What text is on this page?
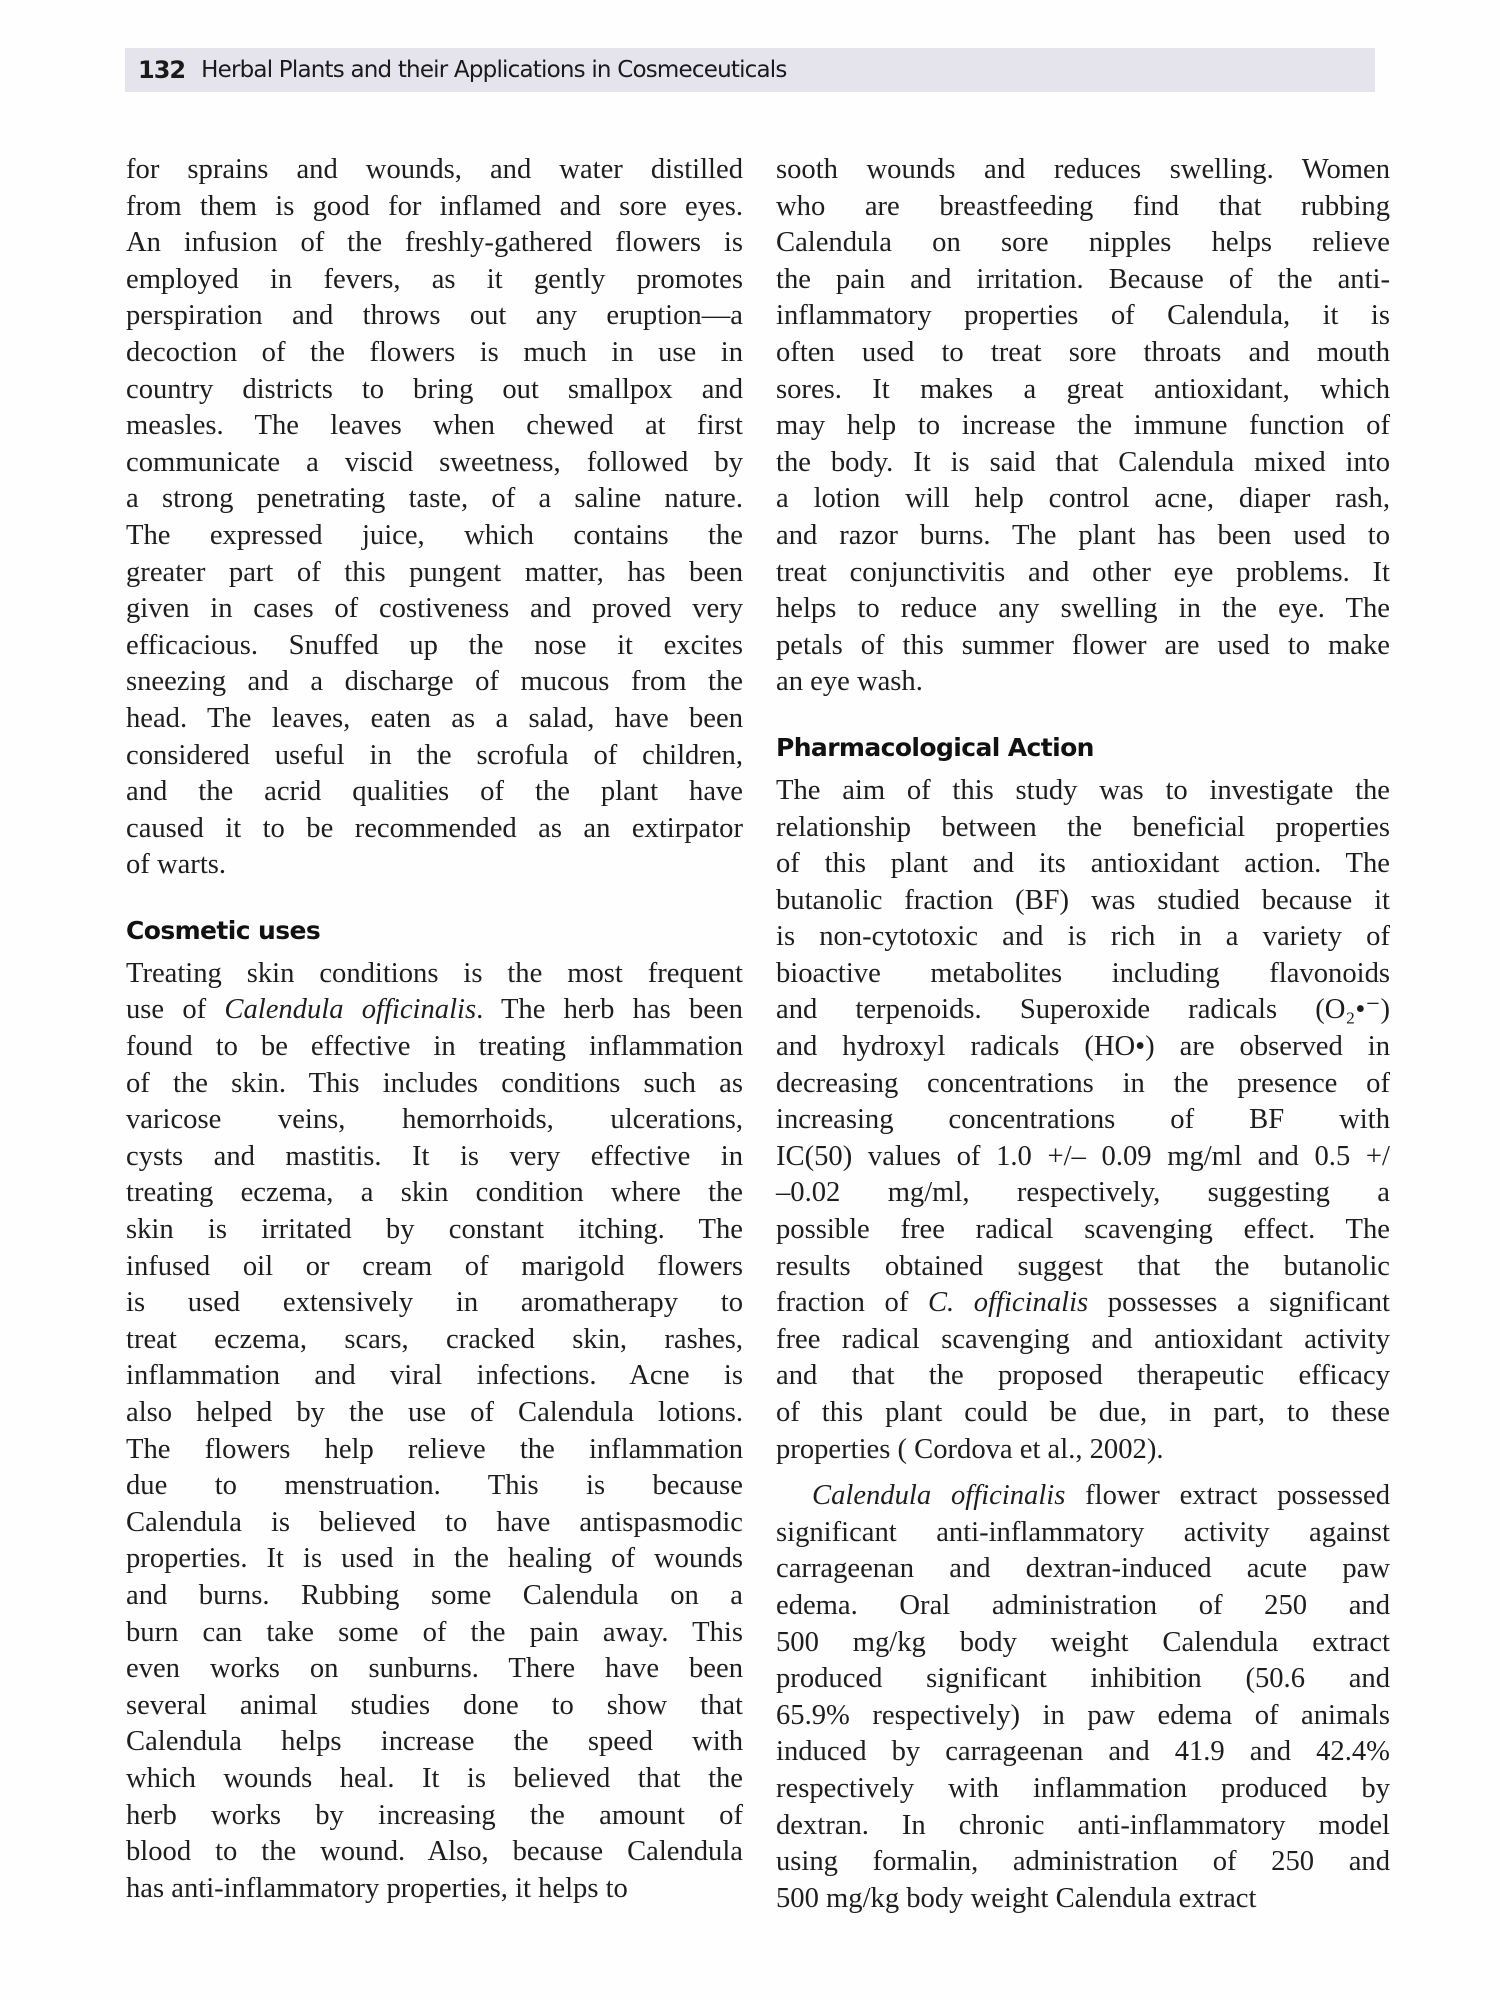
132 Herbal Plants and their Applications in Cosmeceuticals
for sprains and wounds, and water distilled
from them is good for inflamed and sore eyes.
An infusion of the freshly-gathered flowers is
employed in fevers, as it gently promotes
perspiration and throws out any eruption—a
decoction of the flowers is much in use in
country districts to bring out smallpox and
measles. The leaves when chewed at first
communicate a viscid sweetness, followed by
a strong penetrating taste, of a saline nature.
The expressed juice, which contains the
greater part of this pungent matter, has been
given in cases of costiveness and proved very
efficacious. Snuffed up the nose it excites
sneezing and a discharge of mucous from the
head. The leaves, eaten as a salad, have been
considered useful in the scrofula of children,
and the acrid qualities of the plant have
caused it to be recommended as an extirpator
of warts.
Cosmetic uses
Treating skin conditions is the most frequent
use of Calendula officinalis. The herb has been
found to be effective in treating inflammation
of the skin. This includes conditions such as
varicose veins, hemorrhoids, ulcerations,
cysts and mastitis. It is very effective in
treating eczema, a skin condition where the
skin is irritated by constant itching. The
infused oil or cream of marigold flowers
is used extensively in aromatherapy to
treat eczema, scars, cracked skin, rashes,
inflammation and viral infections. Acne is
also helped by the use of Calendula lotions.
The flowers help relieve the inflammation
due to menstruation. This is because
Calendula is believed to have antispasmodic
properties. It is used in the healing of wounds
and burns. Rubbing some Calendula on a
burn can take some of the pain away. This
even works on sunburns. There have been
several animal studies done to show that
Calendula helps increase the speed with
which wounds heal. It is believed that the
herb works by increasing the amount of
blood to the wound. Also, because Calendula
has anti-inflammatory properties, it helps to
sooth wounds and reduces swelling. Women
who are breastfeeding find that rubbing
Calendula on sore nipples helps relieve
the pain and irritation. Because of the anti-
inflammatory properties of Calendula, it is
often used to treat sore throats and mouth
sores. It makes a great antioxidant, which
may help to increase the immune function of
the body. It is said that Calendula mixed into
a lotion will help control acne, diaper rash,
and razor burns. The plant has been used to
treat conjunctivitis and other eye problems. It
helps to reduce any swelling in the eye. The
petals of this summer flower are used to make
an eye wash.
Pharmacological Action
The aim of this study was to investigate the
relationship between the beneficial properties
of this plant and its antioxidant action. The
butanolic fraction (BF) was studied because it
is non-cytotoxic and is rich in a variety of
bioactive metabolites including flavonoids
and terpenoids. Superoxide radicals (O₂•⁻)
and hydroxyl radicals (HO•) are observed in
decreasing concentrations in the presence of
increasing concentrations of BF with
IC(50) values of 1.0 +/– 0.09 mg/ml and 0.5 +/
–0.02 mg/ml, respectively, suggesting a
possible free radical scavenging effect. The
results obtained suggest that the butanolic
fraction of C. officinalis possesses a significant
free radical scavenging and antioxidant activity
and that the proposed therapeutic efficacy
of this plant could be due, in part, to these
properties ( Cordova et al., 2002).
Calendula officinalis flower extract possessed
significant anti-inflammatory activity against
carrageenan and dextran-induced acute paw
edema. Oral administration of 250 and
500 mg/kg body weight Calendula extract
produced significant inhibition (50.6 and
65.9% respectively) in paw edema of animals
induced by carrageenan and 41.9 and 42.4%
respectively with inflammation produced by
dextran. In chronic anti-inflammatory model
using formalin, administration of 250 and
500 mg/kg body weight Calendula extract
